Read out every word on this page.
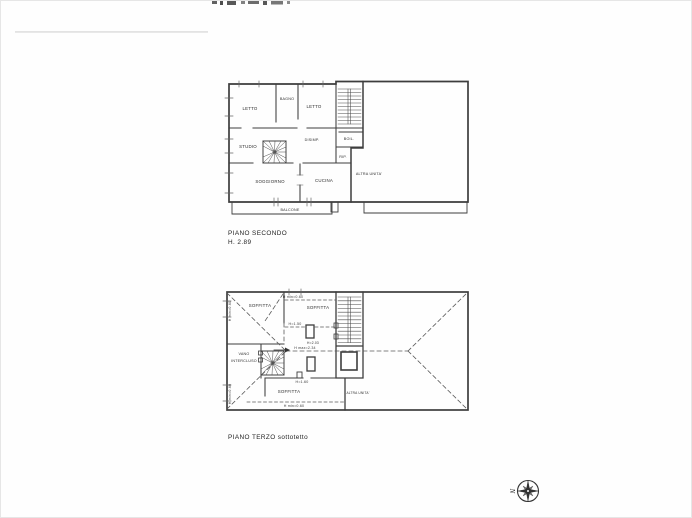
LETTO
BAGNO
LETTO
STUDIO
DISIMP.	BOIL.
RIP.
SOGGIORNO	CUCINA
ALTRA UNITA'
BALCONE
PIANO SECONDO
H. 2.89
SOFFITTA	SOFFITTA
SOFFITTA
VANO
INTERCLUSO
ALTRA UNITA'
H min=0.60
H min=0.60
H min=0.60
H=1.50
H=2.03
H max=2.34
H=1.60
H min=0.60
PIANO TERZO sottotetto
N
